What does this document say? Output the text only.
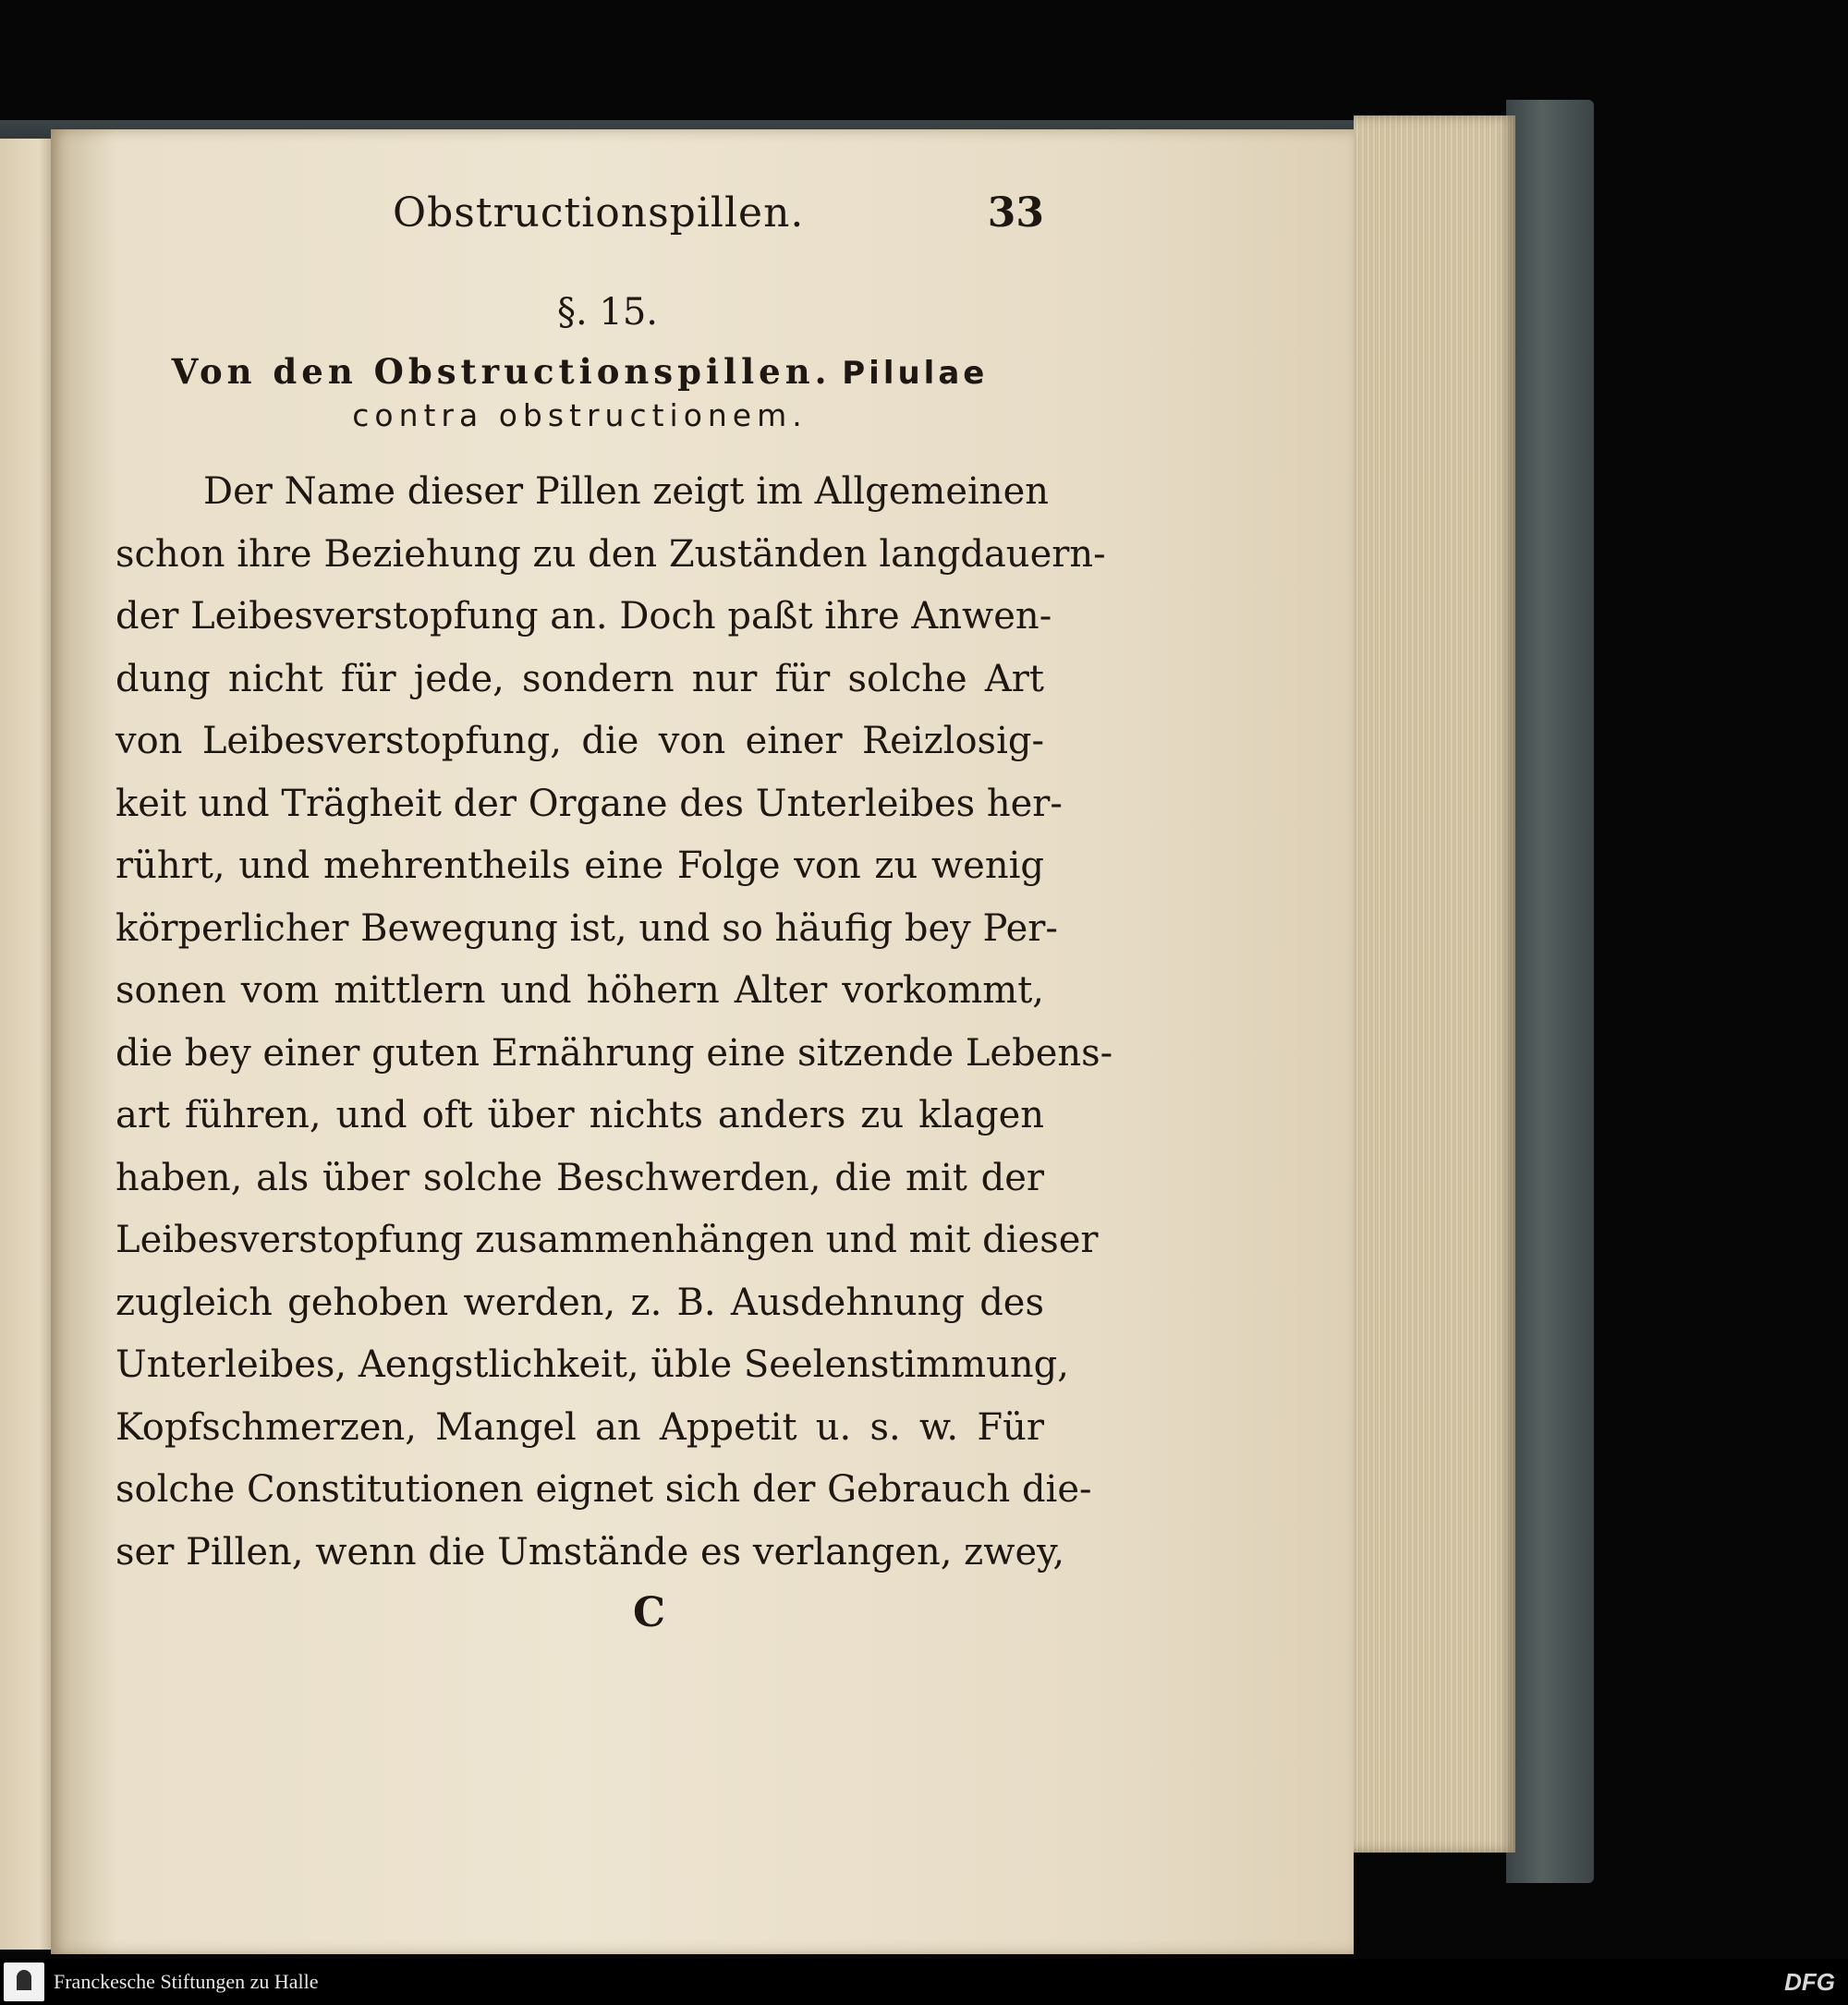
Obstructionspillen.	33
§. 15.
Von den Obstructionspillen. Pilulae
contra obstructionem.
Der Name dieser Pillen zeigt im Allgemeinen
schon ihre Beziehung zu den Zuständen langdauern-
der Leibesverstopfung an. Doch paßt ihre Anwen-
dung nicht für jede, sondern nur für solche Art
von Leibesverstopfung, die von einer Reizlosig-
keit und Trägheit der Organe des Unterleibes her-
rührt, und mehrentheils eine Folge von zu wenig
körperlicher Bewegung ist, und so häufig bey Per-
sonen vom mittlern und höhern Alter vorkommt,
die bey einer guten Ernährung eine sitzende Lebens-
art führen, und oft über nichts anders zu klagen
haben, als über solche Beschwerden, die mit der
Leibesverstopfung zusammenhängen und mit dieser
zugleich gehoben werden, z. B. Ausdehnung des
Unterleibes, Aengstlichkeit, üble Seelenstimmung,
Kopfschmerzen, Mangel an Appetit u. s. w. Für
solche Constitutionen eignet sich der Gebrauch die-
ser Pillen, wenn die Umstände es verlangen, zwey,
C
Franckesche Stiftungen zu Halle	DFG
